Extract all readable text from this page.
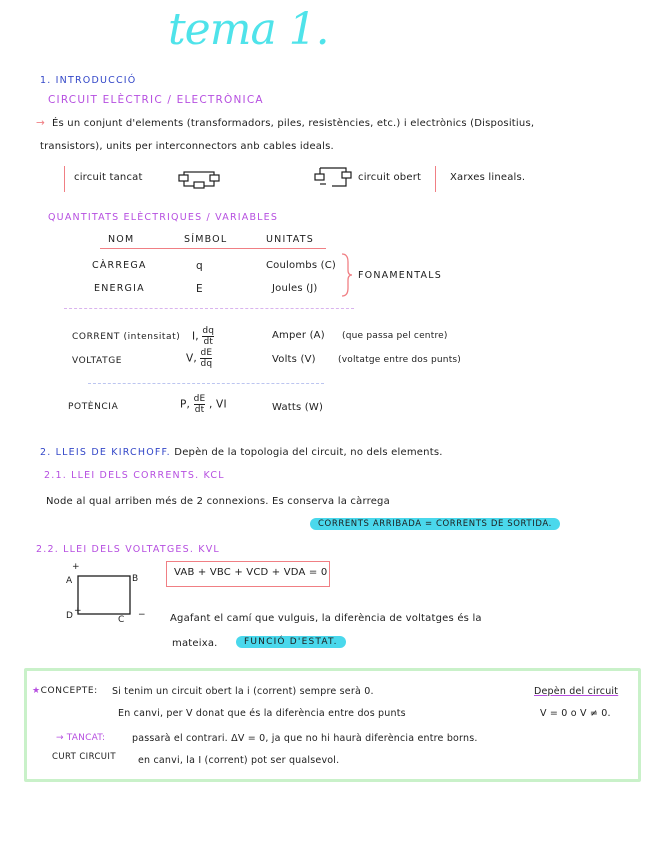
tema 1.
1. INTRODUCCIÓ
CIRCUIT ELÈCTRIC / ELECTRÒNICA
→ És un conjunt d'elements (transformadors, piles, resistències, etc.) i electrònics (Dispositius,
transistors), units per interconnectors anb cables ideals.
circuit tancat	circuit obert	Xarxes lineals.
QUANTITATS ELÈCTRIQUES / VARIABLES
NOM	SÍMBOL	UNITATS
CÀRREGA	q	Coulombs (C)
ENERGIA	E	Joules (J)
FONAMENTALS
CORRENT (intensitat) I, $\frac{dq}{dt}$	Amper (A) (que passa pel centre)
VOLTATGE	V, $\frac{dE}{dq}$	Volts (V) (voltatge entre dos punts)
POTÈNCIA	P, $\frac{dE}{dt}$ , VI	Watts (W)
2. LLEIS DE KIRCHOFF. Depèn de la topologia del circuit, no dels elements.
2.1. LLEI DELS CORRENTS. KCL
Node al qual arriben més de 2 connexions. Es conserva la càrrega
CORRENTS ARRIBADA = CORRENTS DE SORTIDA.
2.2. LLEI DELS VOLTATGES. KVL
+
A	B
D +
C −
VAB + VBC + VCD + VDA = 0
Agafant el camí que vulguis, la diferència de voltatges és la
mateixa.	FUNCIÓ D'ESTAT.
★CONCEPTE: Si tenim un circuit obert la i (corrent) sempre serà 0.	Depèn del circuit
En canvi, per V donat que és la diferència entre dos punts	V = 0 o V ≠ 0.
→ TANCAT:	passarà el contrari. ΔV = 0, ja que no hi haurà diferència entre borns.
CURT CIRCUIT en canvi, la I (corrent) pot ser qualsevol.
